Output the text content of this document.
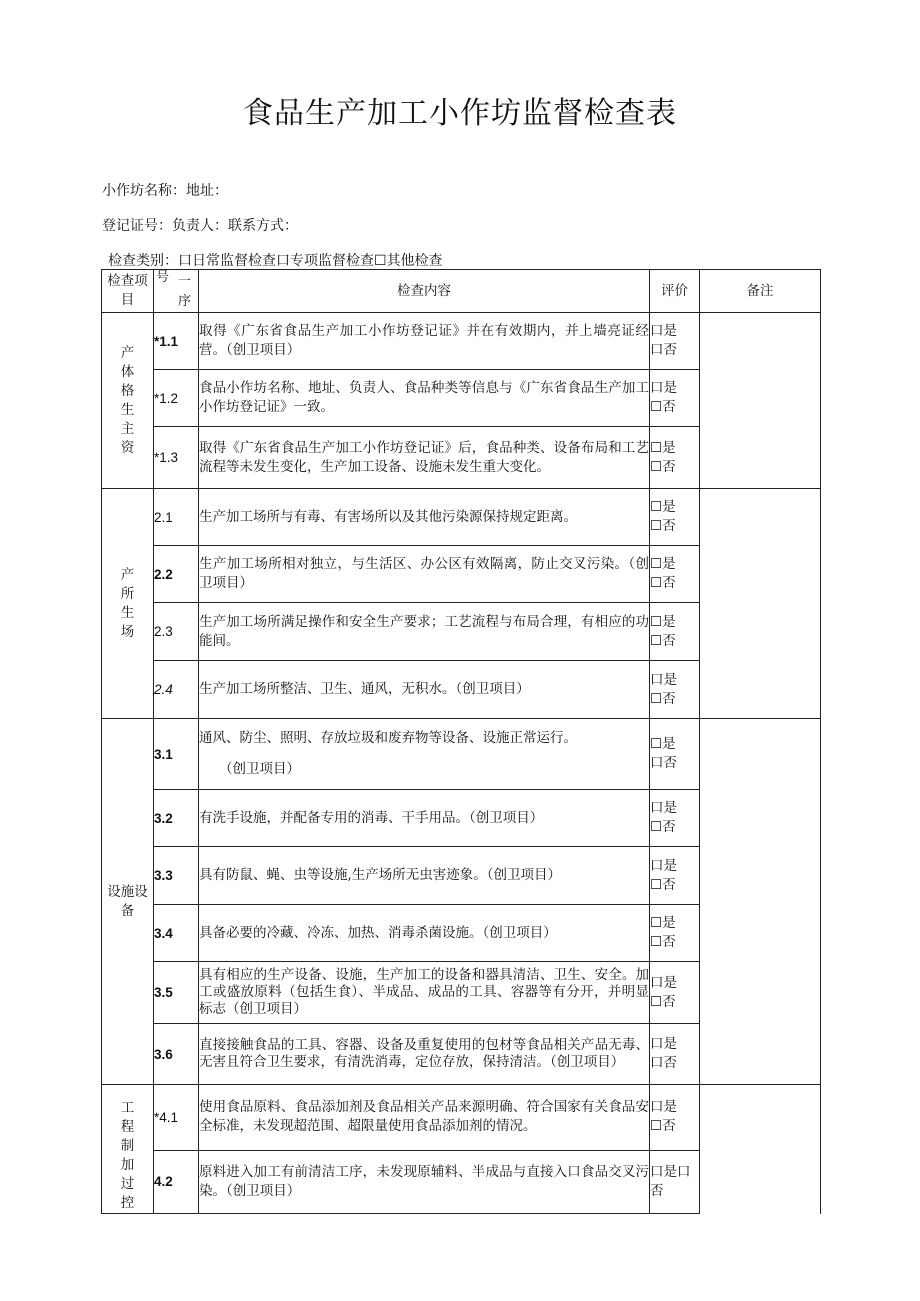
食品生产加工小作坊监督检查表
小作坊名称：地址：
登记证号：负责人：联系方式：
检查类别：口日常监督检查口专项监督检查☐其他检查
检查项目	号 一
序	检查内容	评价	备注
产体格生主资	*1.1	取得《广东省食品生产加工小作坊登记证》并在有效期内，并上墙亮证经营。（创卫项目）	口是
口否	
	*1.2	食品小作坊名称、地址、负责人、食品种类等信息与《广东省食品生产加工小作坊登记证》一致。	口是
☐否	
	*1.3	取得《广东省食品生产加工小作坊登记证》后，食品种类、设备布局和工艺流程等未发生变化，生产加工设备、设施未发生重大变化。	☐是
☐否	
产所生场	2.1	生产加工场所与有毒、有害场所以及其他污染源保持规定距离。	☐是
☐否	
	2.2	生产加工场所相对独立，与生活区、办公区有效隔离，防止交叉污染。（创卫项目）	☐是
☐否	
	2.3	生产加工场所满足操作和安全生产要求；工艺流程与布局合理，有相应的功能间。	☐是
☐否	
	2.4	生产加工场所整洁、卫生、通风，无积水。（创卫项目）	口是
☐否	
设施设备	3.1	通风、防尘、照明、存放垃圾和废弃物等设备、设施正常运行。
（创卫项目）	☐是
口否	
	3.2	有洗手设施，并配备专用的消毒、干手用品。（创卫项目）	口是
☐否	
	3.3	具有防鼠、蝇、虫等设施,生产场所无虫害迹象。（创卫项目）	口是
☐否	
	3.4	具备必要的冷藏、冷冻、加热、消毒杀菌设施。（创卫项目）	☐是
☐否	
	3.5	具有相应的生产设备、设施，生产加工的设备和器具清洁、卫生、安全。加工或盛放原料（包括生食）、半成品、成品的工具、容器等有分开，并明显标志（创卫项目）	口是
☐否	
	3.6	直接接触食品的工具、容器、设备及重复使用的包材等食品相关产品无毒、无害且符合卫生要求，有清洗消毒，定位存放，保持清洁。（创卫项目）	口是
口否	
工程制加过控	*4.1	使用食品原料、食品添加剂及食品相关产品来源明确、符合国家有关食品安全标准，未发现超范围、超限量使用食品添加剂的情况。	口是
☐否	
	4.2	原料进入加工有前清洁工序，未发现原辅料、半成品与直接入口食品交叉污染。（创卫项目）	口是口否	
